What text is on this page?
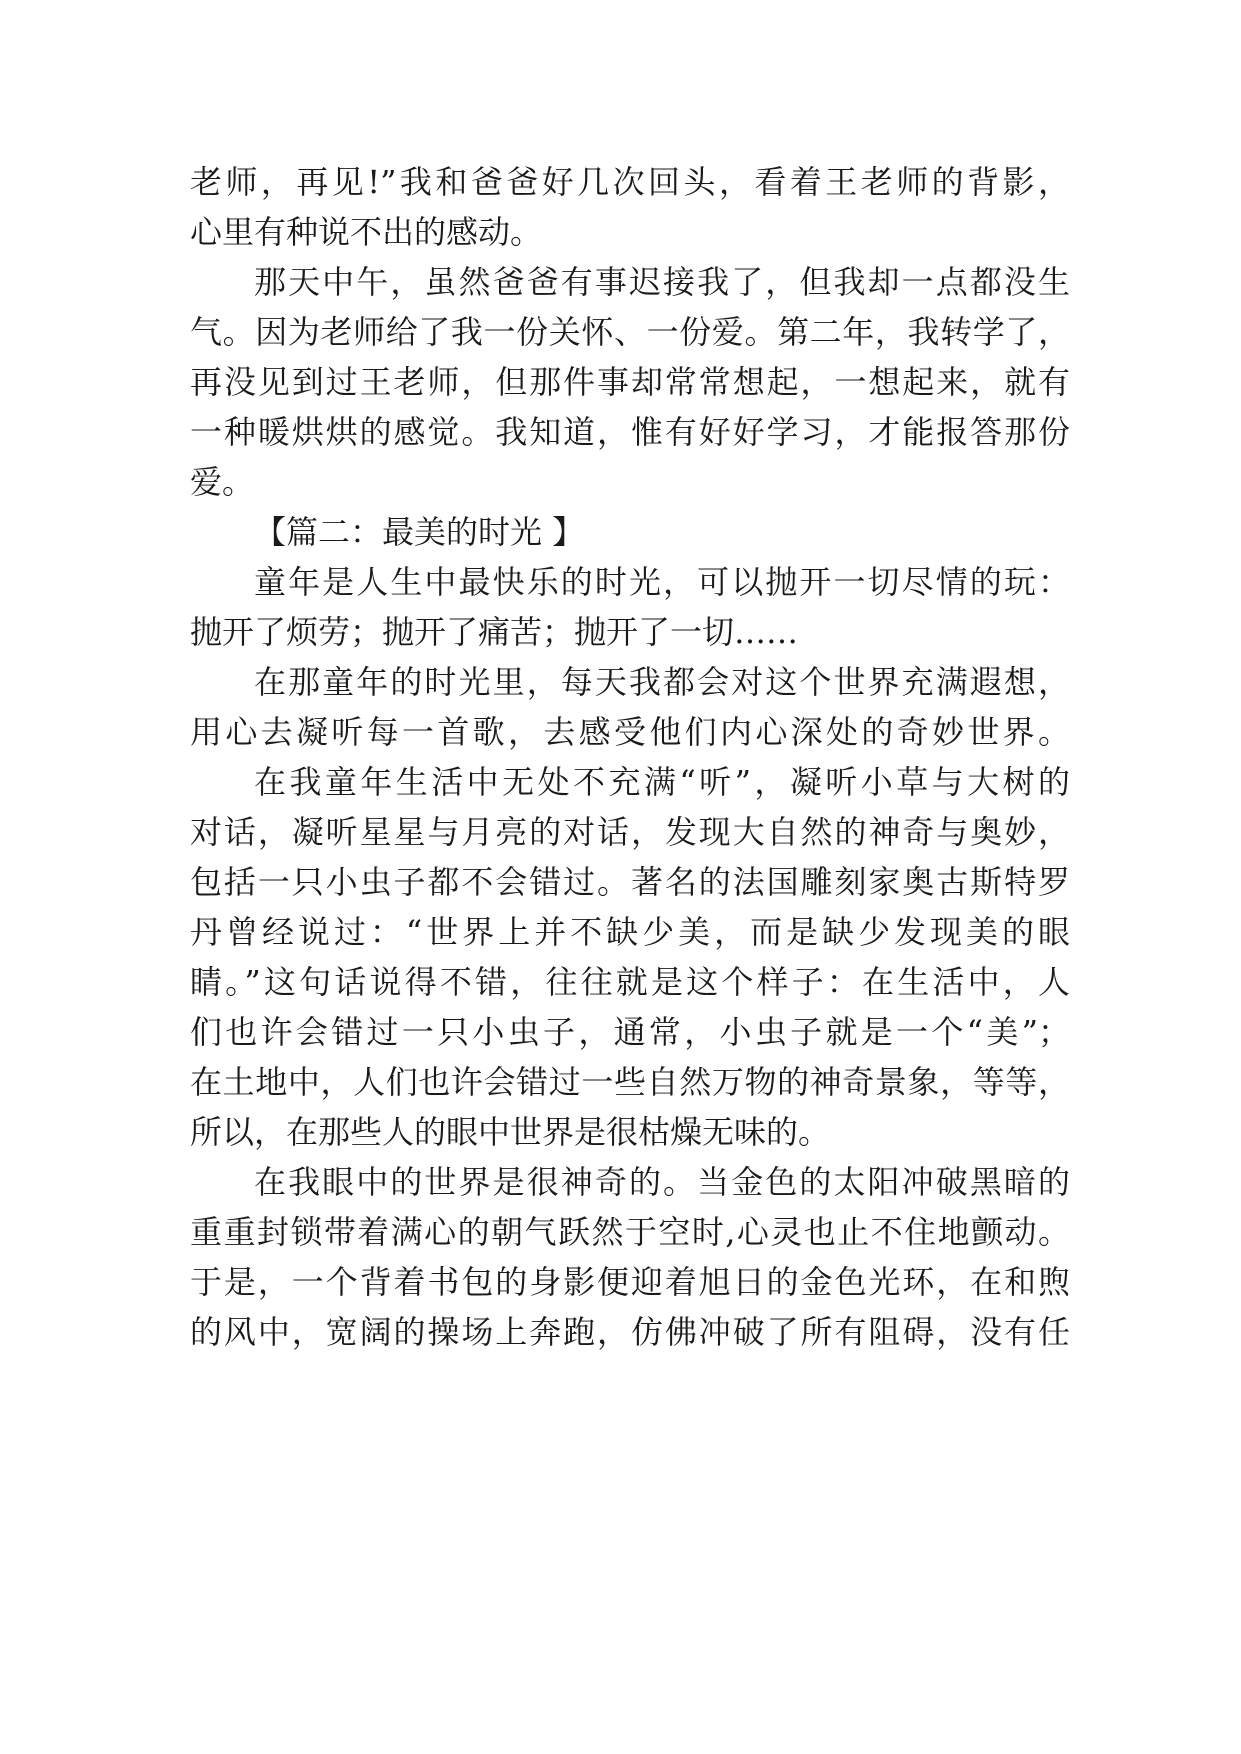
老师，再见!”我和爸爸好几次回头，看着王老师的背影，
心里有种说不出的感动。
那天中午，虽然爸爸有事迟接我了，但我却一点都没生
气。因为老师给了我一份关怀、一份爱。第二年，我转学了，
再没见到过王老师，但那件事却常常想起，一想起来，就有
一种暖烘烘的感觉。我知道，惟有好好学习，才能报答那份
爱。
【篇二：最美的时光 】
童年是人生中最快乐的时光，可以抛开一切尽情的玩：
抛开了烦劳；抛开了痛苦；抛开了一切……
在那童年的时光里，每天我都会对这个世界充满遐想，
用心去凝听每一首歌，去感受他们内心深处的奇妙世界。
在我童年生活中无处不充满“听”，凝听小草与大树的
对话，凝听星星与月亮的对话，发现大自然的神奇与奥妙，
包括一只小虫子都不会错过。著名的法国雕刻家奥古斯特罗
丹曾经说过：“世界上并不缺少美，而是缺少发现美的眼
睛。”这句话说得不错，往往就是这个样子：在生活中，人
们也许会错过一只小虫子，通常，小虫子就是一个“美”；
在土地中，人们也许会错过一些自然万物的神奇景象，等等，
所以，在那些人的眼中世界是很枯燥无味的。
在我眼中的世界是很神奇的。当金色的太阳冲破黑暗的
重重封锁带着满心的朝气跃然于空时,心灵也止不住地颤动。
于是，一个背着书包的身影便迎着旭日的金色光环，在和煦
的风中，宽阔的操场上奔跑，仿佛冲破了所有阻碍，没有任
